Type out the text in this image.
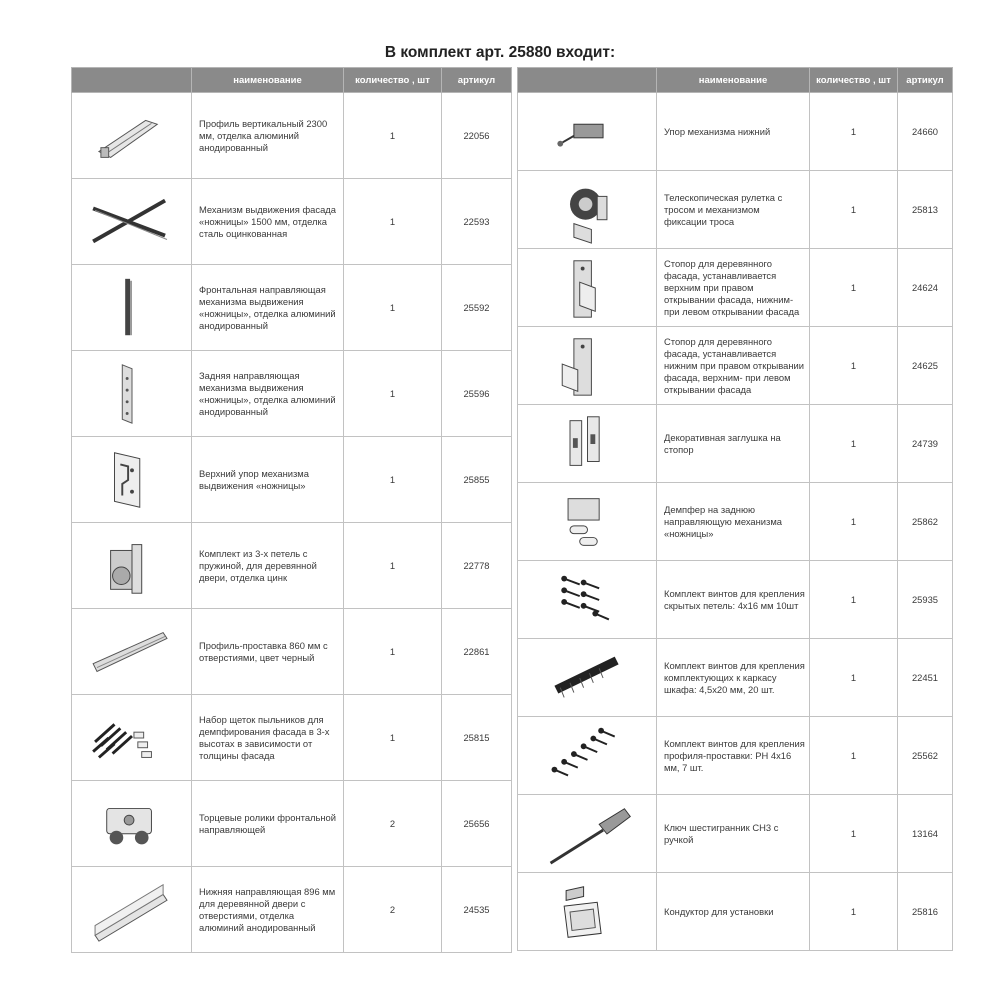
В комплект арт. 25880 входит:
	наименование	количество , шт	артикул

	Профиль вертикальный 2300 мм, отделка алюминий анодированный	1	22056

	Механизм выдвижения фасада «ножницы» 1500 мм, отделка сталь оцинкованная	1	22593

	Фронтальная направляющая механизма выдвижения «ножницы», отделка алюминий анодированный	1	25592

	Задняя направляющая механизма выдвижения «ножницы», отделка алюминий анодированный	1	25596

	Верхний упор механизма выдвижения «ножницы»	1	25855

	Комплект из 3-х петель с пружиной, для деревянной двери, отделка цинк	1	22778

	Профиль-проставка 860 мм с отверстиями, цвет черный	1	22861

	Набор щеток пыльников для демпфирования фасада в 3-х высотах в зависимости от толщины фасада	1	25815

	Торцевые ролики фронтальной направляющей	2	25656

	Нижняя направляющая 896 мм для деревянной двери с отверстиями, отделка алюминий анодированный	2	24535
	наименование	количество , шт	артикул

	Упор механизма нижний	1	24660

	Телескопическая рулетка с тросом и механизмом фиксации троса	1	25813

	Стопор для деревянного фасада, устанавливается верхним при правом открывании фасада, нижним- при левом открывании фасада	1	24624

	Стопор для деревянного фасада, устанавливается нижним при правом открывании фасада, верхним- при левом открывании фасада	1	24625

	Декоративная заглушка на стопор	1	24739

	Демпфер на заднюю направляющую механизма «ножницы»	1	25862

	Комплект винтов для крепления скрытых петель: 4х16 мм 10шт	1	25935

	Комплект винтов для крепления комплектующих к каркасу шкафа: 4,5х20 мм, 20 шт.	1	22451

	Комплект винтов для крепления профиля-проставки: PH 4х16 мм, 7 шт.	1	25562

	Ключ шестигранник СН3 с ручкой	1	13164

	Кондуктор для установки	1	25816
